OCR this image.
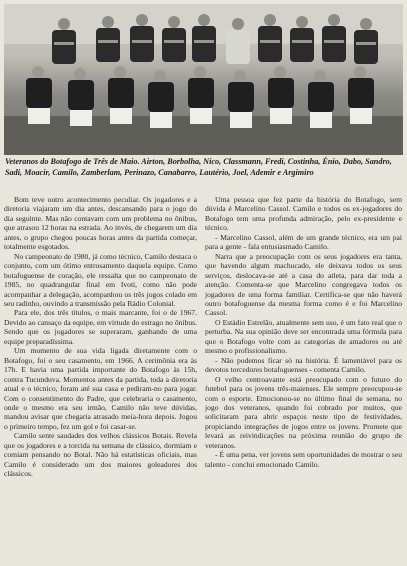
Veteranos do Botafogo de Três de Maio. Airton, Borbolha, Nico, Classmann, Fredi, Costinha, Énio, Dabo, Sandro, Sadi, Moacir, Camilo, Zamberlam, Perinazo, Canabarro, Lautério, Joel, Ademir e Argimiro

Bom teve outro acontecimento peculiar. Os jogadores e a diretoria viajaram um dia antes, descansando para o jogo do dia seguinte. Mas não contavam com um problema no ônibus, que atrasou 12 horas na estrada. Ao invés, de chegarem um dia antes, o grupo chegou poucas horas antes da partida começar, totalmente esgotados.

No campeonato de 1980, já como técnico, Camilo destaca o conjunto, com um ótimo entrosamento daquela equipe. Como botafoguense de coração, ele ressalta que no campeonato de 1985, no quadrangular final em Ivoti, como não pode acompanhar a delegação, acompanhou os três jogos colado em seu radinho, ouvindo a transmissão pela Rádio Colonial.

Para ele, dos três títulos, o mais marcante, foi o de 1967. Devido ao cansaço da equipe, em virtude do estrago no ônibus. Sendo que os jogadores se superaram, ganhando de uma equipe preparadíssima.

Um momento de sua vida ligada diretamente com o Botafogo, foi o seu casamento, em 1966. A cerimônia era às 17h. E havia uma partida importante do Botafogo às 15h, contra Tucunduva. Momentos antes da partida, toda a diretoria atual e o técnico, foram até sua casa e pediram-no para jogar. Com o consentimento do Padre, que celebraria o casamento, onde o mesmo era seu irmão, Camilo não teve dúvidas, mandou avisar que chegaria atrasado meia-hora depois. Jogou o primeiro tempo, fez um gol e foi casar-se.

Camilo sente saudades dos velhos clássicos Botais. Revela que os jogadores e a torcida na semana de clássico, dormiam e comiam pensando no Botal. Não há estatísticas oficiais, mas Camilo é considerado um dos maiores goleadores dos clássicos.

Uma pessoa que fez parte da história do Botafogo, sem dúvida é Marcelino Cassol. Camilo e todos os ex-jogadores do Botafogo tem uma profunda admiração, pelo ex-presidente e técnico.

- Marcelino Cassol, além de um grande técnico, era um pai para a gente - fala entusiasmado Camilo.

Narra que a preocupação com os seus jogadores era tanta, que havendo algum machucado, ele deixava todos os seus serviços, deslocava-se até a casa do atleta, para dar toda a atenção. Comenta-se que Marcelino congregava todos os jogadores de uma forma familiar. Certifica-se que não haverá outro botafoguense da mesma forma como é e foi Marcelino Cassol.

O Estádio Estrelão, atualmente sem uso, é um fato real que o perturba. Na sua opinião deve ser encontrada uma fórmula para que o Botafogo volte com as categorias de amadores ou até mesmo o profissionalismo.

- Não podemos ficar só na história. É lamentável para os devotos torcedores botafoguenses - comenta Camilo.

O velho centroavante está preocupado com o futuro do futebol para os jovens três-maienses. Ele sempre preocupou-se com o esporte. Emocionou-se no último final de semana, no jogo dos veteranos, quando foi cobrado por muitos, que solicitaram para abrir espaços neste tipo de festividades, propiciando integrações de jogos entre os jovens. Promete que levará as reivindicações na próxima reunião do grupo de veteranos.

- É uma pena, ver jovens sem oportunidades de mostrar o seu talento - conclui emocionado Camilo.
